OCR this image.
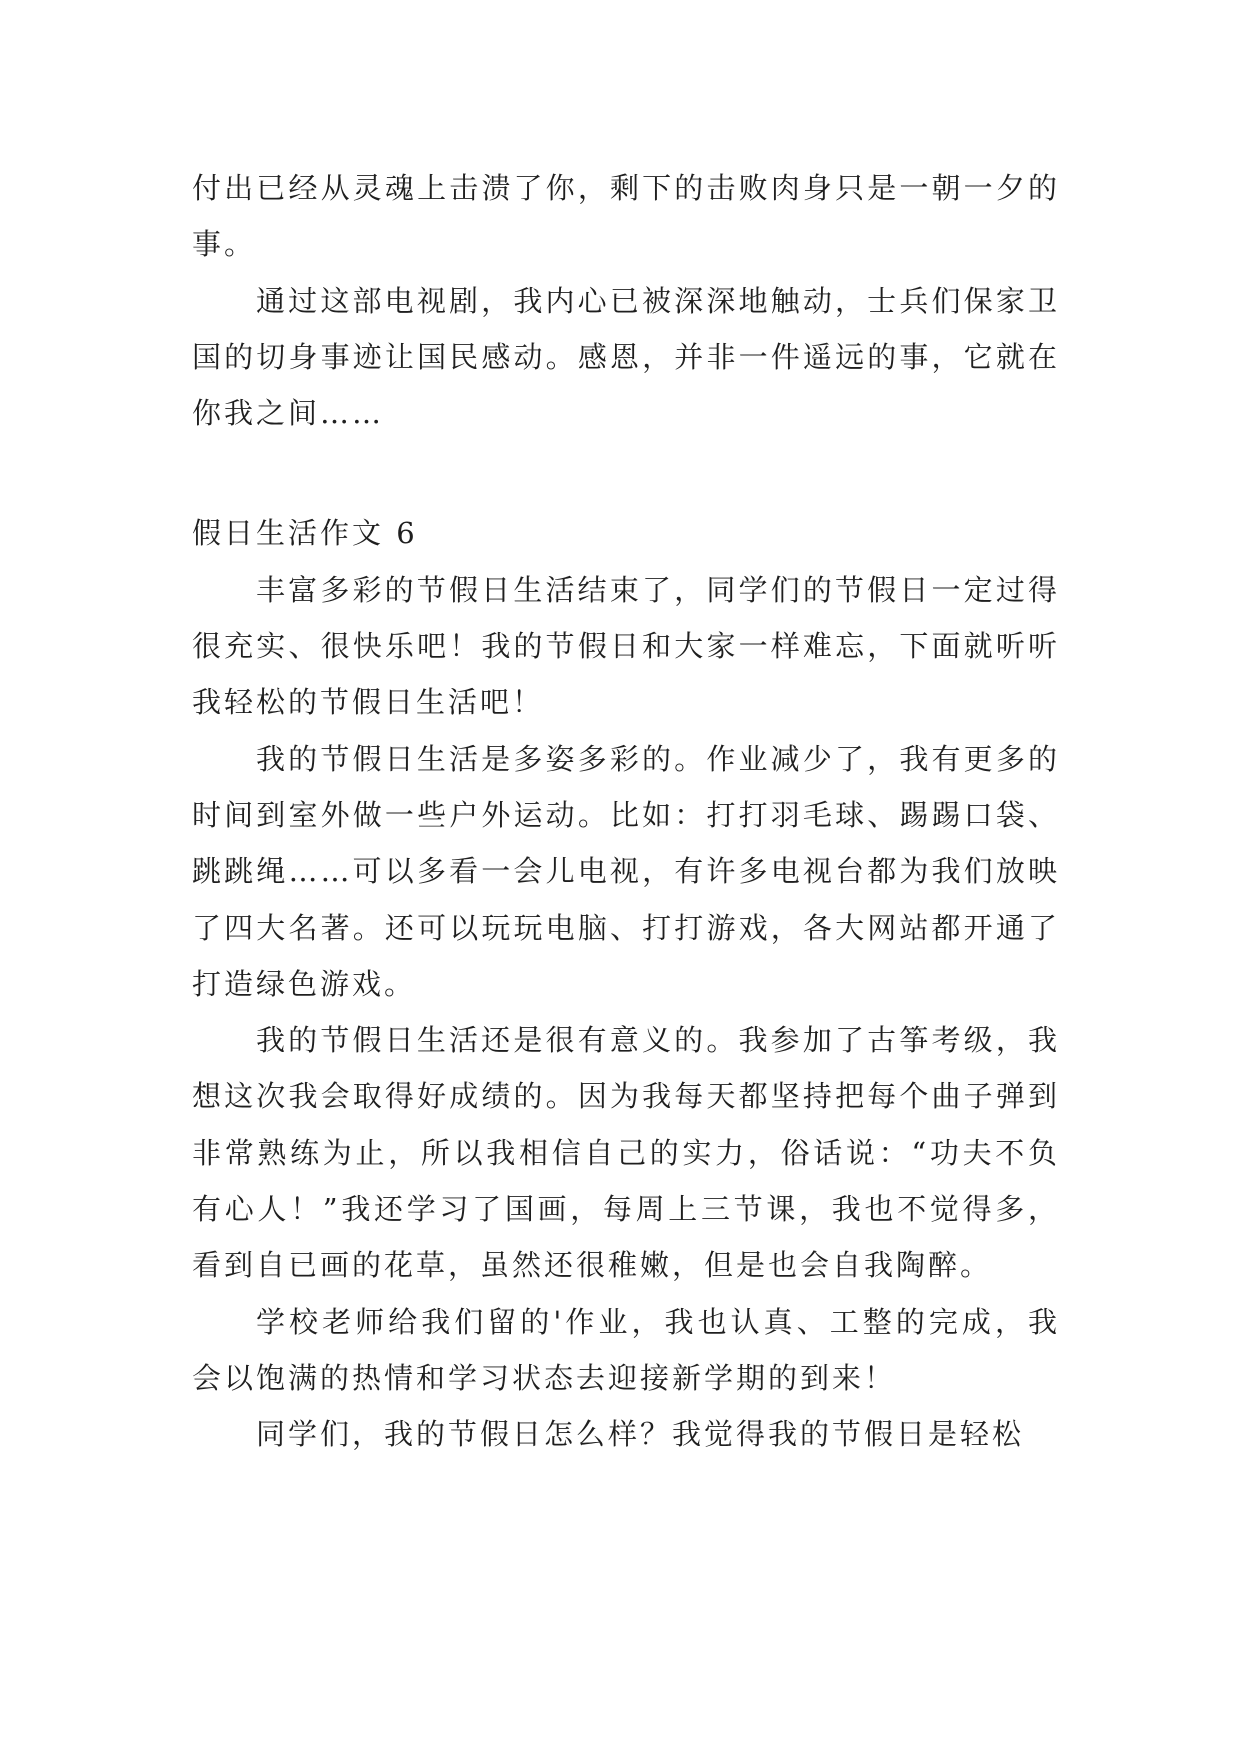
付出已经从灵魂上击溃了你，剩下的击败肉身只是一朝一夕的事。

通过这部电视剧，我内心已被深深地触动，士兵们保家卫国的切身事迹让国民感动。感恩，并非一件遥远的事，它就在你我之间……

假日生活作文 6

丰富多彩的节假日生活结束了，同学们的节假日一定过得很充实、很快乐吧！我的节假日和大家一样难忘，下面就听听我轻松的节假日生活吧！

我的节假日生活是多姿多彩的。作业减少了，我有更多的时间到室外做一些户外运动。比如：打打羽毛球、踢踢口袋、跳跳绳……可以多看一会儿电视，有许多电视台都为我们放映了四大名著。还可以玩玩电脑、打打游戏，各大网站都开通了打造绿色游戏。

我的节假日生活还是很有意义的。我参加了古筝考级，我想这次我会取得好成绩的。因为我每天都坚持把每个曲子弹到非常熟练为止，所以我相信自己的实力，俗话说：“功夫不负有心人！”我还学习了国画，每周上三节课，我也不觉得多，看到自已画的花草，虽然还很稚嫩，但是也会自我陶醉。

学校老师给我们留的'作业，我也认真、工整的完成，我会以饱满的热情和学习状态去迎接新学期的到来！

同学们，我的节假日怎么样？我觉得我的节假日是轻松
